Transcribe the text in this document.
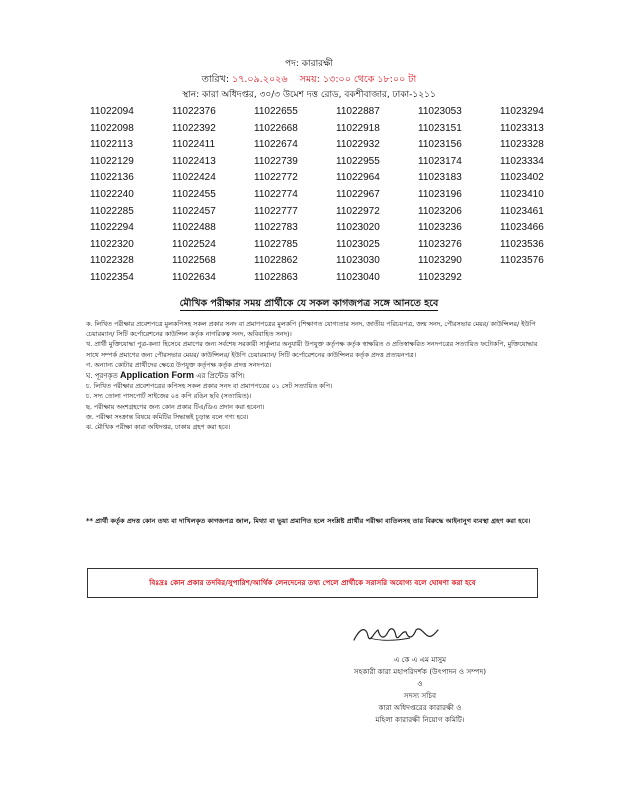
পদ: কারারক্ষী
তারিখ: ১৭.০৯.২০২৬ সময়: ১৩:০০ থেকে ১৮:০০ টা
স্থান: কারা অধিদপ্তর, ৩০/৩ উমেশ দত্ত রোড, বকশীবাজার, ঢাকা-১২১১
11022094
11022098
11022113
11022129
11022136
11022240
11022285
11022294
11022320
11022328
11022354
11022376
11022392
11022411
11022413
11022424
11022455
11022457
11022488
11022524
11022568
11022634
11022655
11022668
11022674
11022739
11022772
11022774
11022777
11022783
11022785
11022862
11022863
11022887
11022918
11022932
11022955
11022964
11022967
11022972
11023020
11023025
11023030
11023040
11023053
11023151
11023156
11023174
11023183
11023196
11023206
11023236
11023276
11023290
11023292
11023294
11023313
11023328
11023334
11023402
11023410
11023461
11023466
11023536
11023576
মৌখিক পরীক্ষার সময় প্রার্থীকে যে সকল কাগজপত্র সঙ্গে আনতে হবে

ক. লিখিত পরীক্ষার প্রবেশপত্রে মুলকপিসহ সকল প্রকার সনদ বা প্রমাণপত্রের মুলকপি (শিক্ষাগত যোগ্যতার সনদ, জাতীয় পরিচয়পত্র, জন্ম সনদ, পৌরসভার মেয়র/ কাউন্সিলর/ ইউপি চেয়ারম্যান/ সিটি কর্পোরেশনের কাউন্সিল কর্তৃক নাগরিকত্ব সনদ, অবিবাহিত সনদ)।

খ. প্রার্থী মুক্তিযোদ্ধা পুত্র-কন্যা হিসেবে প্রমাণের জন্য সর্বশেষ সরকারী সার্কুলার অনুযায়ী উপযুক্ত কর্তৃপক্ষ কর্তৃক স্বাক্ষরিত ও প্রতিস্বাক্ষরিত সনদপত্রের সত্যায়িত ফটোকপি, মুক্তিযোদ্ধার সাথে সম্পর্ক প্রমাণের জন্য পৌরসভার মেয়র/ কাউন্সিলর/ ইউপি চেয়ারম্যান/ সিটি কর্পোরেশনের কাউন্সিলর কর্তৃক প্রদত্ত প্রত্যয়নপত্র।

গ. অন্যান্য কোটার প্রার্থীদের ক্ষেত্রে উপযুক্ত কর্তৃপক্ষ কর্তৃক প্রদত্ত সনদপত্র।

ঘ. পূরণকৃত Application Form এর প্রিন্টেড কপি।

চ. লিখিত পরীক্ষার প্রবেশপত্রের কপিসহ সকল প্রকার সনদ বা প্রমাণপত্রের ০১ সেট সত্যায়িত কপি।

চ. সদ্য তোলা পাসপোর্ট সাইজের ০৪ কপি রঙিন ছবি (সত্যায়িত)।

ছ. পরীক্ষায় অংশগ্রহণের জন্য কোন প্রকার টিএ/ডিএ প্রদান করা হবেনা।

জ. পরীক্ষা সংক্রান্ত বিষয়ে কমিটির সিদ্ধান্তই চূড়ান্ত বলে গণ্য হবে।

ঝ. মৌখিক পরীক্ষা কারা অধিদপ্তর, ঢাকায় গ্রহণ করা হবে।

** প্রার্থী কর্তৃক প্রদত্ত কোন তথ্য বা দাখিলকৃত কাগজপত্র জাল, মিথ্যা বা ভুয়া প্রমাণিত হলে সংশ্লিষ্ট প্রার্থীর পরীক্ষা বাতিলসহ তার বিরুদ্ধে আইনানুগ ব্যবস্থা গ্রহণ করা হবে।
বিঃদ্রঃ কোন প্রকার তদবির/সুপারিশ/আর্থিক লেনদেনের তথ্য পেলে প্রার্থীকে সরাসরি অযোগ্য বলে ঘোষণা করা হবে
এ কে এ এম মাসুম
সহকারী কারা মহাপরিদর্শক (উৎপাদন ও সম্পদ)
ও
সদস্য সচিব
কারা অধিদপ্তরের কারারক্ষী ও
মহিলা কারারক্ষী নিয়োগ কমিটি।
